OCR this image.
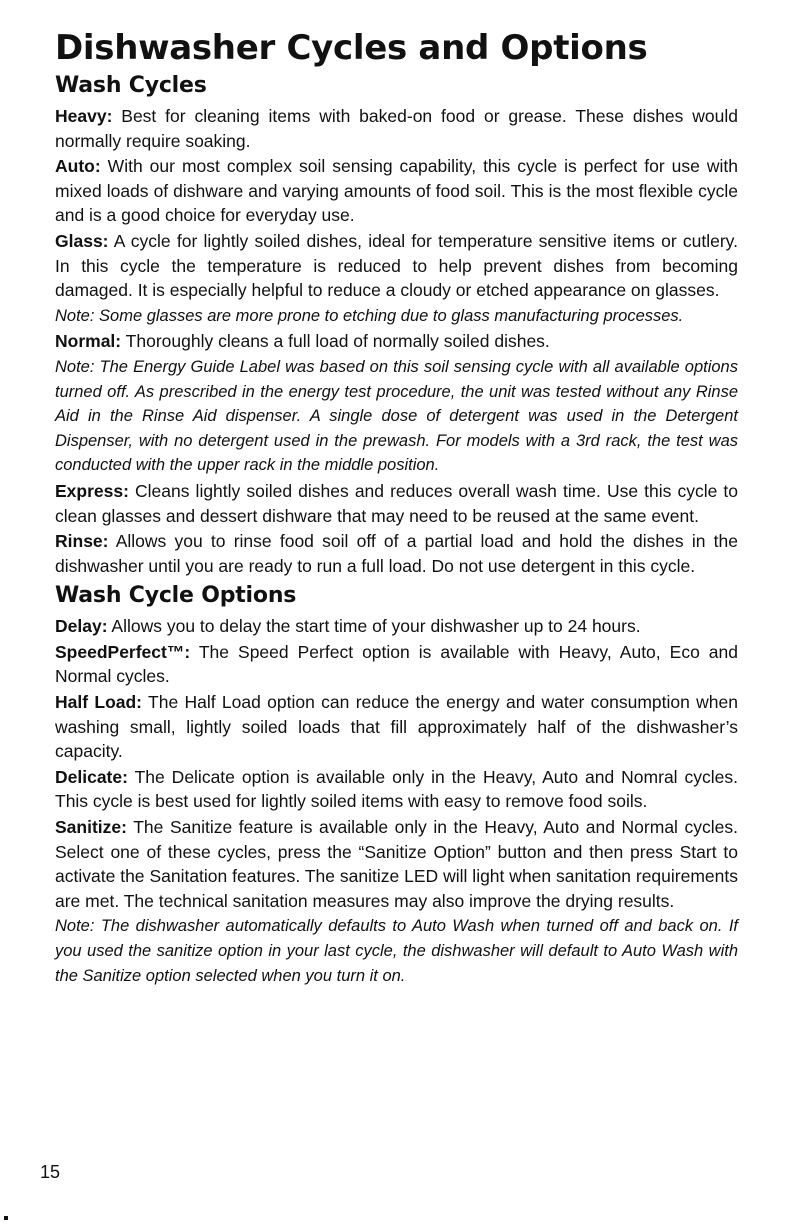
Dishwasher Cycles and Options
Wash Cycles

Heavy: Best for cleaning items with baked-on food or grease. These dishes would normally require soaking.

Auto: With our most complex soil sensing capability, this cycle is perfect for use with mixed loads of dishware and varying amounts of food soil. This is the most flexible cycle and is a good choice for everyday use.

Glass: A cycle for lightly soiled dishes, ideal for temperature sensitive items or cutlery. In this cycle the temperature is reduced to help prevent dishes from becoming damaged. It is especially helpful to reduce a cloudy or etched appearance on glasses.

Note: Some glasses are more prone to etching due to glass manufacturing processes.

Normal: Thoroughly cleans a full load of normally soiled dishes.

Note: The Energy Guide Label was based on this soil sensing cycle with all available options turned off. As prescribed in the energy test procedure, the unit was tested without any Rinse Aid in the Rinse Aid dispenser. A single dose of detergent was used in the Detergent Dispenser, with no detergent used in the prewash. For models with a 3rd rack, the test was conducted with the upper rack in the middle position.

Express: Cleans lightly soiled dishes and reduces overall wash time. Use this cycle to clean glasses and dessert dishware that may need to be reused at the same event.

Rinse: Allows you to rinse food soil off of a partial load and hold the dishes in the dishwasher until you are ready to run a full load. Do not use detergent in this cycle.

Wash Cycle Options

Delay: Allows you to delay the start time of your dishwasher up to 24 hours.

SpeedPerfect™: The Speed Perfect option is available with Heavy, Auto, Eco and Normal cycles.

Half Load: The Half Load option can reduce the energy and water consumption when washing small, lightly soiled loads that fill approximately half of the dishwasher’s capacity.

Delicate: The Delicate option is available only in the Heavy, Auto and Nomral cycles. This cycle is best used for lightly soiled items with easy to remove food soils.

Sanitize: The Sanitize feature is available only in the Heavy, Auto and Normal cycles. Select one of these cycles, press the “Sanitize Option” button and then press Start to activate the Sanitation features. The sanitize LED will light when sanitation requirements are met. The technical sanitation measures may also improve the drying results.

Note: The dishwasher automatically defaults to Auto Wash when turned off and back on. If you used the sanitize option in your last cycle, the dishwasher will default to Auto Wash with the Sanitize option selected when you turn it on.

15
